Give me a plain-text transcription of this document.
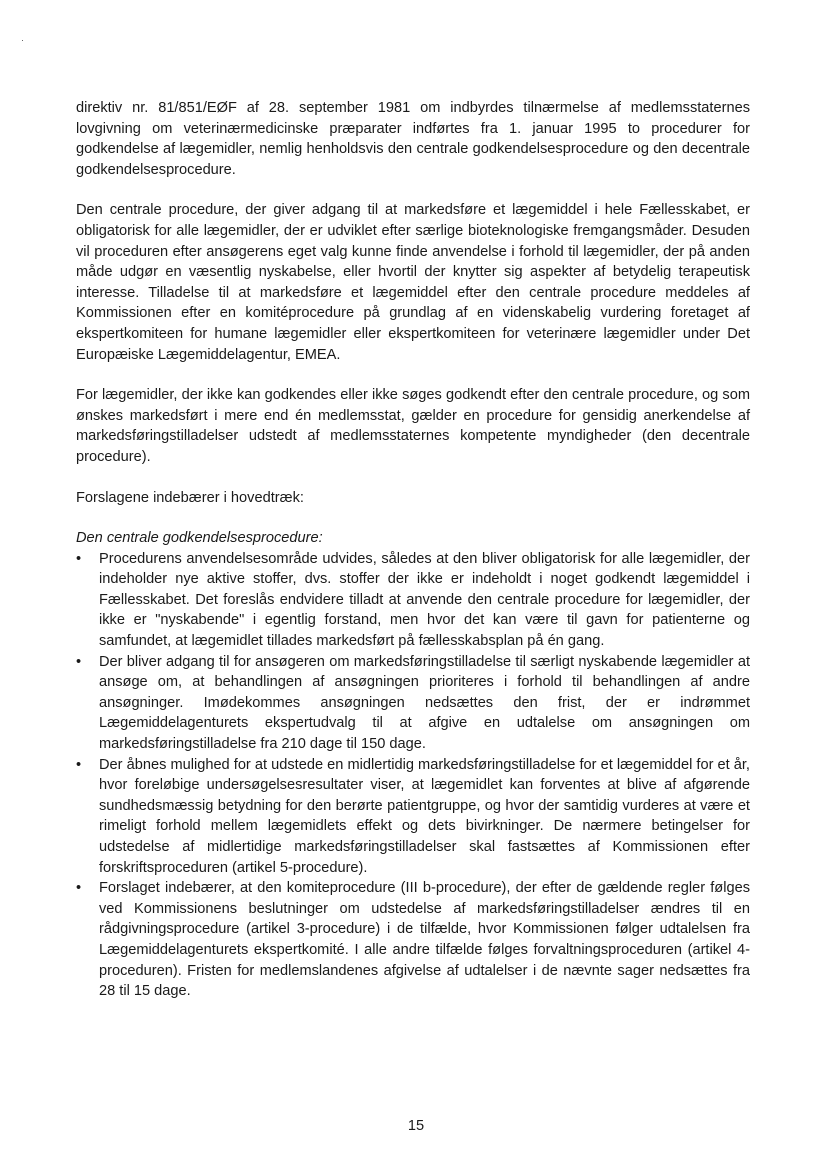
direktiv nr. 81/851/EØF af 28. september 1981 om indbyrdes tilnærmelse af medlemsstaternes lovgivning om veterinærmedicinske præparater indførtes fra 1. januar 1995 to procedurer for godkendelse af lægemidler, nemlig henholdsvis den centrale godkendelsesprocedure og den decentrale godkendelsesprocedure.

Den centrale procedure, der giver adgang til at markedsføre et lægemiddel i hele Fællesskabet, er obligatorisk for alle lægemidler, der er udviklet efter særlige bioteknologiske fremgangsmåder. Desuden vil proceduren efter ansøgerens eget valg kunne finde anvendelse i forhold til lægemidler, der på anden måde udgør en væsentlig nyskabelse, eller hvortil der knytter sig aspekter af betydelig terapeutisk interesse. Tilladelse til at markedsføre et lægemiddel efter den centrale procedure meddeles af Kommissionen efter en komitéprocedure på grundlag af en videnskabelig vurdering foretaget af ekspertkomiteen for humane lægemidler eller ekspertkomiteen for veterinære lægemidler under Det Europæiske Lægemiddelagentur, EMEA.

For lægemidler, der ikke kan godkendes eller ikke søges godkendt efter den centrale procedure, og som ønskes markedsført i mere end én medlemsstat, gælder en procedure for gensidig anerkendelse af markedsføringstilladelser udstedt af medlemsstaternes kompetente myndigheder (den decentrale procedure).

Forslagene indebærer i hovedtræk:

Den centrale godkendelsesprocedure:

• Procedurens anvendelsesområde udvides, således at den bliver obligatorisk for alle lægemidler, der indeholder nye aktive stoffer, dvs. stoffer der ikke er indeholdt i noget godkendt lægemiddel i Fællesskabet. Det foreslås endvidere tilladt at anvende den centrale procedure for lægemidler, der ikke er "nyskabende" i egentlig forstand, men hvor det kan være til gavn for patienterne og samfundet, at lægemidlet tillades markedsført på fællesskabsplan på én gang.
• Der bliver adgang til for ansøgeren om markedsføringstilladelse til særligt nyskabende lægemidler at ansøge om, at behandlingen af ansøgningen prioriteres i forhold til behandlingen af andre ansøgninger. Imødekommes ansøgningen nedsættes den frist, der er indrømmet Lægemiddelagenturets ekspertudvalg til at afgive en udtalelse om ansøgningen om markedsføringstilladelse fra 210 dage til 150 dage.
• Der åbnes mulighed for at udstede en midlertidig markedsføringstilladelse for et lægemiddel for et år, hvor foreløbige undersøgelsesresultater viser, at lægemidlet kan forventes at blive af afgørende sundhedsmæssig betydning for den berørte patientgruppe, og hvor der samtidig vurderes at være et rimeligt forhold mellem lægemidlets effekt og dets bivirkninger. De nærmere betingelser for udstedelse af midlertidige markedsføringstilladelser skal fastsættes af Kommissionen efter forskriftsproceduren (artikel 5-procedure).
• Forslaget indebærer, at den komiteprocedure (III b-procedure), der efter de gældende regler følges ved Kommissionens beslutninger om udstedelse af markedsføringstilladelser ændres til en rådgivningsprocedure (artikel 3-procedure) i de tilfælde, hvor Kommissionen følger udtalelsen fra Lægemiddelagenturets ekspertkomité. I alle andre tilfælde følges forvaltningsproceduren (artikel 4-proceduren). Fristen for medlemslandenes afgivelse af udtalelser i de nævnte sager nedsættes fra 28 til 15 dage.
15
